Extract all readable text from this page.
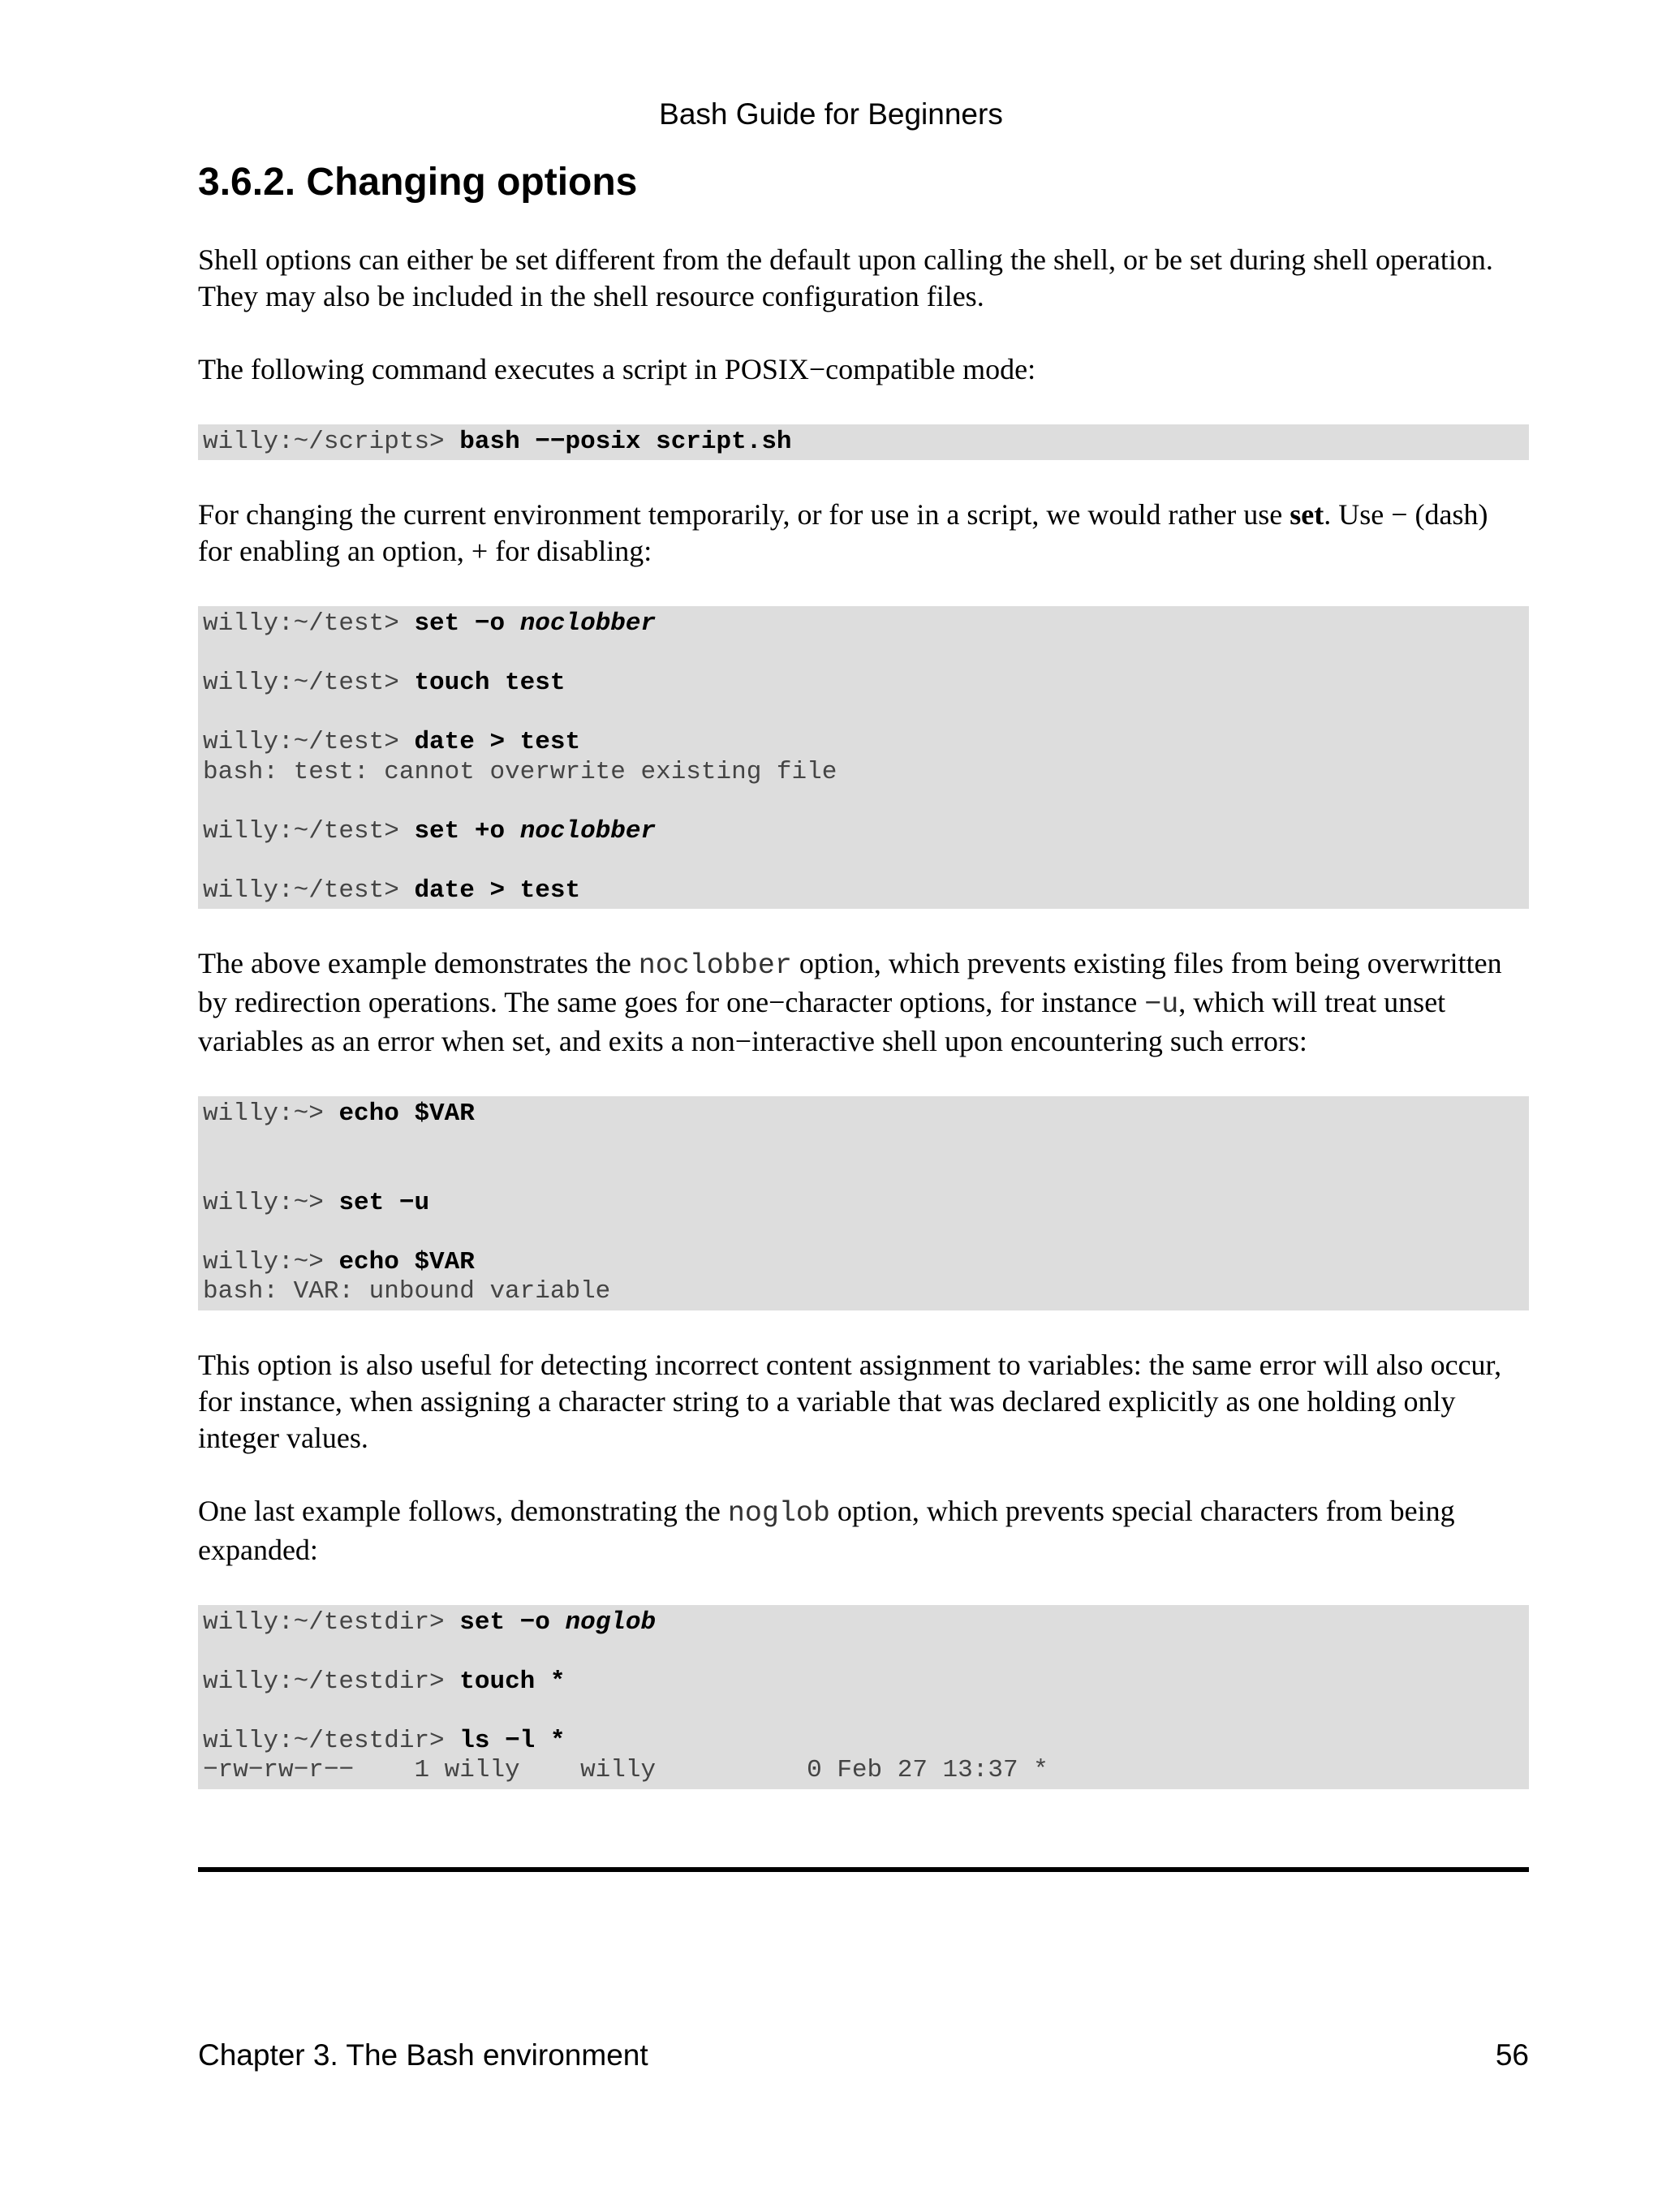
Bash Guide for Beginners
3.6.2. Changing options

Shell options can either be set different from the default upon calling the shell, or be set during shell operation. They may also be included in the shell resource configuration files.

The following command executes a script in POSIX−compatible mode:

willy:~/scripts> bash −−posix script.sh

For changing the current environment temporarily, or for use in a script, we would rather use set. Use − (dash) for enabling an option, + for disabling:

willy:~/test> set −o noclobber

willy:~/test> touch test

willy:~/test> date > test
bash: test: cannot overwrite existing file

willy:~/test> set +o noclobber

willy:~/test> date > test

The above example demonstrates the noclobber option, which prevents existing files from being overwritten by redirection operations. The same goes for one−character options, for instance −u, which will treat unset variables as an error when set, and exits a non−interactive shell upon encountering such errors:

willy:~> echo $VAR

willy:~> set −u

willy:~> echo $VAR
bash: VAR: unbound variable

This option is also useful for detecting incorrect content assignment to variables: the same error will also occur, for instance, when assigning a character string to a variable that was declared explicitly as one holding only integer values.

One last example follows, demonstrating the noglob option, which prevents special characters from being expanded:

willy:~/testdir> set −o noglob

willy:~/testdir> touch *

willy:~/testdir> ls −l *
−rw−rw−r−−    1 willy    willy          0 Feb 27 13:37 *
Chapter 3. The Bash environment	56
